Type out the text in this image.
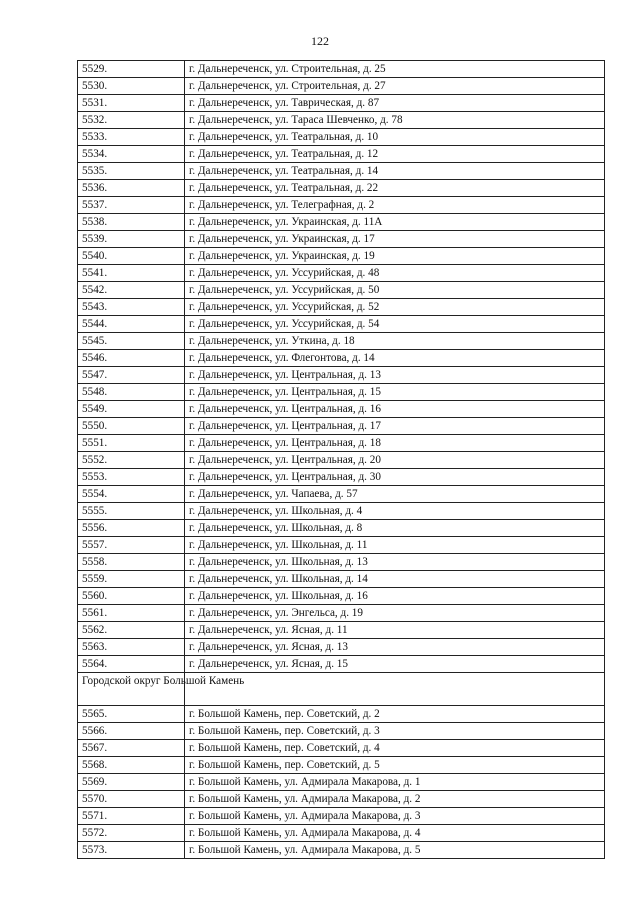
122
5529.	г. Дальнереченск, ул. Строительная, д. 25
5530.	г. Дальнереченск, ул. Строительная, д. 27
5531.	г. Дальнереченск, ул. Таврическая, д. 87
5532.	г. Дальнереченск, ул. Тараса Шевченко, д. 78
5533.	г. Дальнереченск, ул. Театральная, д. 10
5534.	г. Дальнереченск, ул. Театральная, д. 12
5535.	г. Дальнереченск, ул. Театральная, д. 14
5536.	г. Дальнереченск, ул. Театральная, д. 22
5537.	г. Дальнереченск, ул. Телеграфная, д. 2
5538.	г. Дальнереченск, ул. Украинская, д. 11А
5539.	г. Дальнереченск, ул. Украинская, д. 17
5540.	г. Дальнереченск, ул. Украинская, д. 19
5541.	г. Дальнереченск, ул. Уссурийская, д. 48
5542.	г. Дальнереченск, ул. Уссурийская, д. 50
5543.	г. Дальнереченск, ул. Уссурийская, д. 52
5544.	г. Дальнереченск, ул. Уссурийская, д. 54
5545.	г. Дальнереченск, ул. Уткина, д. 18
5546.	г. Дальнереченск, ул. Флегонтова, д. 14
5547.	г. Дальнереченск, ул. Центральная, д. 13
5548.	г. Дальнереченск, ул. Центральная, д. 15
5549.	г. Дальнереченск, ул. Центральная, д. 16
5550.	г. Дальнереченск, ул. Центральная, д. 17
5551.	г. Дальнереченск, ул. Центральная, д. 18
5552.	г. Дальнереченск, ул. Центральная, д. 20
5553.	г. Дальнереченск, ул. Центральная, д. 30
5554.	г. Дальнереченск, ул. Чапаева, д. 57
5555.	г. Дальнереченск, ул. Школьная, д. 4
5556.	г. Дальнереченск, ул. Школьная, д. 8
5557.	г. Дальнереченск, ул. Школьная, д. 11
5558.	г. Дальнереченск, ул. Школьная, д. 13
5559.	г. Дальнереченск, ул. Школьная, д. 14
5560.	г. Дальнереченск, ул. Школьная, д. 16
5561.	г. Дальнереченск, ул. Энгельса, д. 19
5562.	г. Дальнереченск, ул. Ясная, д. 11
5563.	г. Дальнереченск, ул. Ясная, д. 13
5564.	г. Дальнереченск, ул. Ясная, д. 15
Городской округ Большой Камень	
5565.	г. Большой Камень, пер. Советский, д. 2
5566.	г. Большой Камень, пер. Советский, д. 3
5567.	г. Большой Камень, пер. Советский, д. 4
5568.	г. Большой Камень, пер. Советский, д. 5
5569.	г. Большой Камень, ул. Адмирала Макарова, д. 1
5570.	г. Большой Камень, ул. Адмирала Макарова, д. 2
5571.	г. Большой Камень, ул. Адмирала Макарова, д. 3
5572.	г. Большой Камень, ул. Адмирала Макарова, д. 4
5573.	г. Большой Камень, ул. Адмирала Макарова, д. 5
